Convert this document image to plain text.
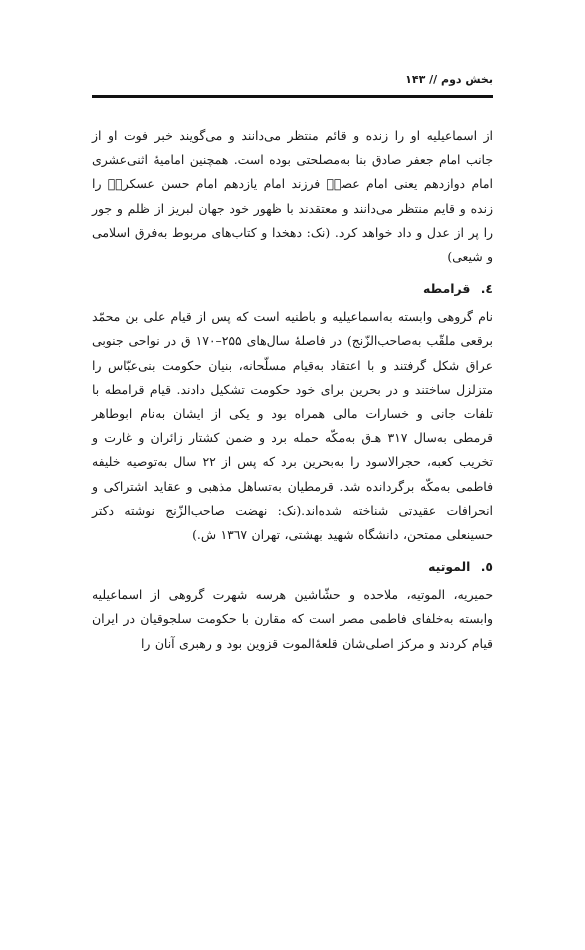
بخش دوم // ۱۴۳

از اسماعیلیه او را زنده و قائم منتظر می‌دانند و می‌گویند خبر فوت او از جانب امام جعفر صادق بنا به‌مصلحتی بوده است. همچنین امامیهٔ اثنی‌عشری امام دوازدهم یعنی امام عصرؑ فرزند امام یازدهم امام حسن عسکریؑ را زنده و قایم منتظر می‌دانند و معتقدند با ظهور خود جهان لبریز از ظلم و جور را پر از عدل و داد خواهد کرد. (نک: دهخدا و کتاب‌های مربوط به‌فرق اسلامی و شیعی)

٤. قرامطه

نام گروهی وابسته به‌اسماعیلیه و باطنیه است که پس از قیام علی بن محمّد برقعی ملقّب به‌صاحب‌الزّنج) در فاصلهٔ سال‌های ۲۵۵–۱۷۰ ق در نواحی جنوبی عراق شکل گرفتند و با اعتقاد به‌قیام مسلّحانه، بنیان حکومت بنی‌عبّاس را متزلزل ساختند و در بحرین برای خود حکومت تشکیل دادند. قیام قرامطه با تلفات جانی و خسارات مالی همراه بود و یکی از ایشان به‌نام ابوطاهر قرمطی به‌سال ۳۱۷ هـ‌ق به‌مکّه حمله برد و ضمن کشتار زائران و غارت و تخریب کعبه، حجرالاسود را به‌بحرین برد که پس از ۲۲ سال به‌توصیه خلیفه فاطمی به‌مکّه برگردانده شد. قرمطیان به‌تساهل مذهبی و عقاید اشتراکی و انحرافات عقیدتی شناخته شده‌اند.(نک: نهضت صاحب‌الزّنج نوشته دکتر حسینعلی ممتحن، دانشگاه شهید بهشتی، تهران ۱۳٦۷ ش.)

٥. الموتیه

حمیریه، الموتیه، ملاحده و حشّاشین هرسه شهرت گروهی از اسماعیلیه وابسته به‌خلفای فاطمی مصر است که مقارن با حکومت سلجوقیان در ایران قیام کردند و مرکز اصلی‌شان قلعهٔ‌الموت قزوین بود و رهبری آنان را
